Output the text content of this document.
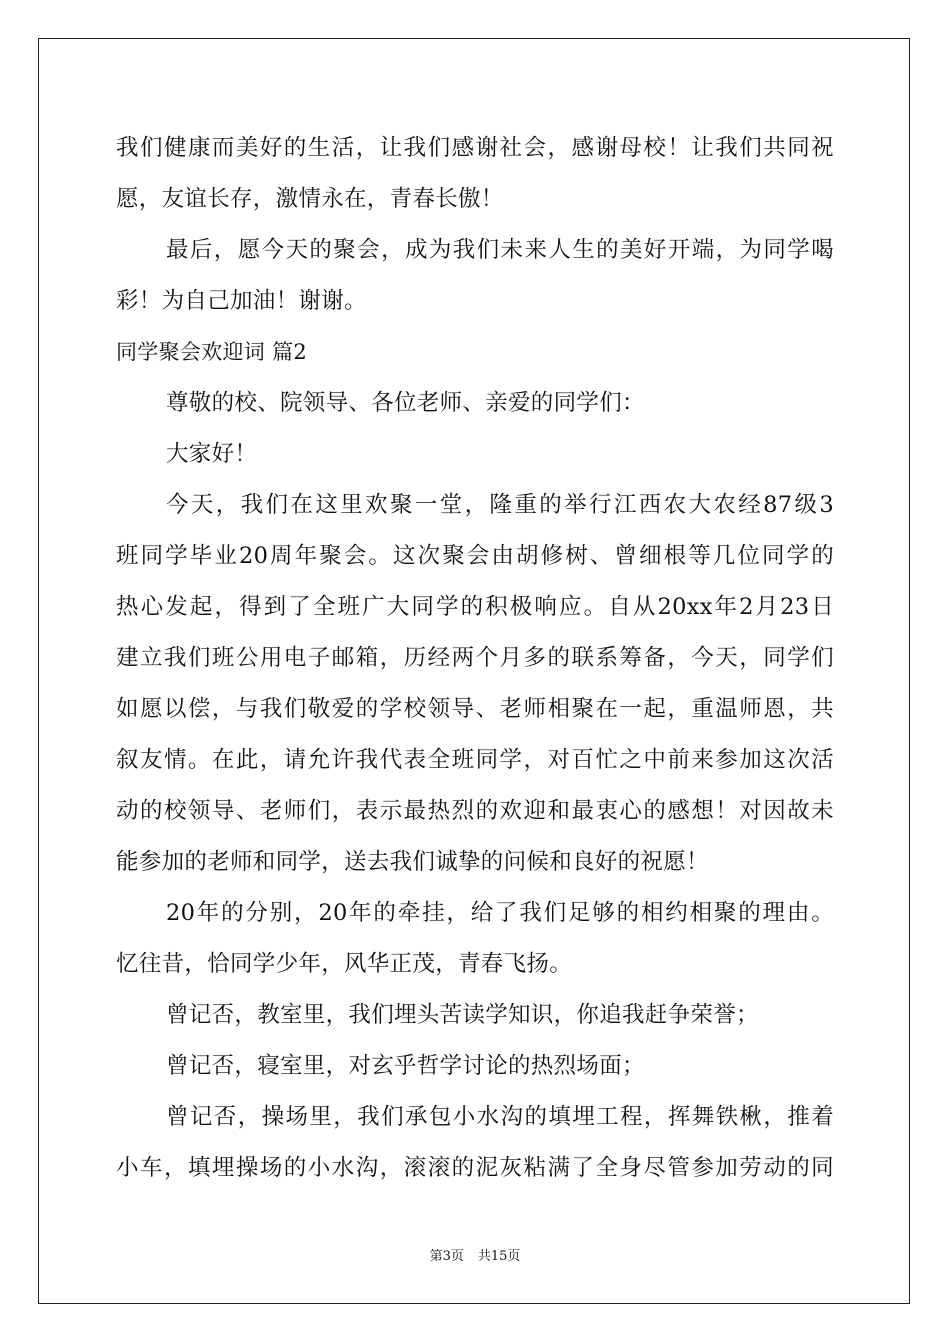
我们健康而美好的生活，让我们感谢社会，感谢母校！让我们共同祝
愿，友谊长存，激情永在，青春长傲！
最后，愿今天的聚会，成为我们未来人生的美好开端，为同学喝
彩！为自己加油！谢谢。
同学聚会欢迎词 篇2
尊敬的校、院领导、各位老师、亲爱的同学们：
大家好！
今天，我们在这里欢聚一堂，隆重的举行江西农大农经87级3
班同学毕业20周年聚会。这次聚会由胡修树、曾细根等几位同学的
热心发起，得到了全班广大同学的积极响应。自从20xx年2月23日
建立我们班公用电子邮箱，历经两个月多的联系筹备，今天，同学们
如愿以偿，与我们敬爱的学校领导、老师相聚在一起，重温师恩，共
叙友情。在此，请允许我代表全班同学，对百忙之中前来参加这次活
动的校领导、老师们，表示最热烈的欢迎和最衷心的感想！对因故未
能参加的老师和同学，送去我们诚挚的问候和良好的祝愿！
20年的分别，20年的牵挂，给了我们足够的相约相聚的理由。
忆往昔，恰同学少年，风华正茂，青春飞扬。
曾记否，教室里，我们埋头苦读学知识，你追我赶争荣誉；
曾记否，寝室里，对玄乎哲学讨论的热烈场面；
曾记否，操场里，我们承包小水沟的填埋工程，挥舞铁楸，推着
小车，填埋操场的小水沟，滚滚的泥灰粘满了全身尽管参加劳动的同
第3页 共15页
